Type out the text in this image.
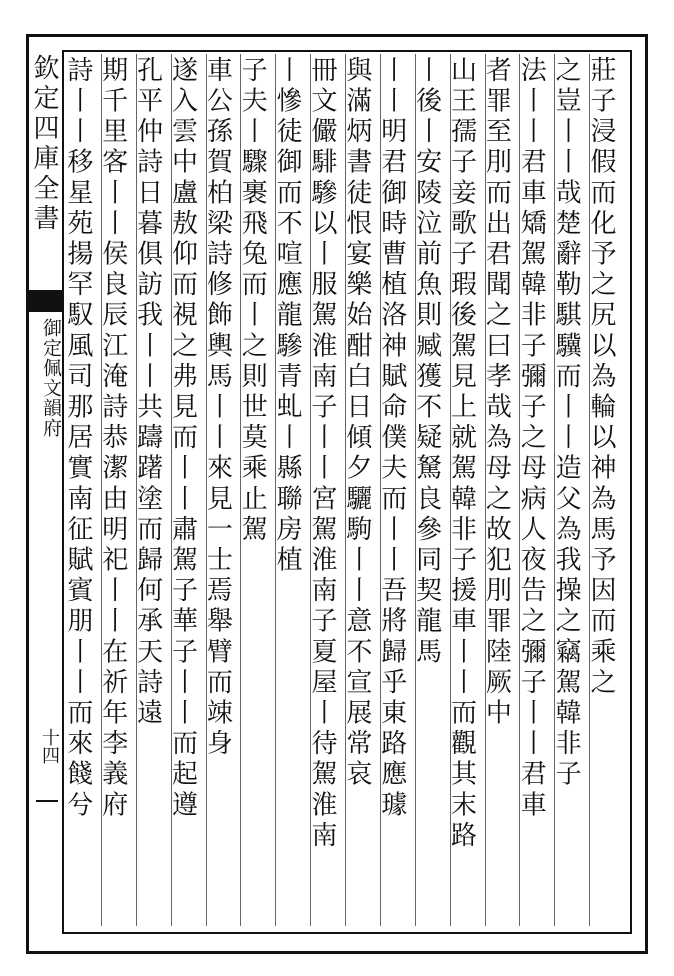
欽定四庫全書
御定佩文韻府
十四
莊子浸假而化予之尻以為輪以神為馬予因而乘之
之豈丨丨哉楚辭勒騏驥而丨丨造父為我操之竊駕韓非子
法丨丨君車矯駕韓非子彌子之母病人夜告之彌子丨丨君車
者罪至刖而出君聞之曰孝哉為母之故犯刖罪陸厥中
山王孺子妾歌子瑕後駕見上就駕韓非子援車丨丨而觀其末路
丨後丨安陵泣前魚則臧獲不疑駑良參同契龍馬
丨丨明君御時曹植洛神賦命僕夫而丨丨吾將歸乎東路應璩
與滿炳書徒恨宴樂始酣白日傾夕驪駒丨丨意不宣展常哀
冊文儼騑驂以丨服駕淮南子丨丨宮駕淮南子夏屋丨待駕淮南
丨慘徒御而不喧應龍驂青虬丨縣聯房植
子夫丨驟裹飛兔而丨之則世莫乘止駕
車公孫賀柏梁詩修飾輿馬丨丨來見一士焉舉臂而竦身
遂入雲中盧敖仰而視之弗見而丨丨肅駕子華子丨丨而起遵
孔平仲詩日暮俱訪我丨丨共躊躇塗而歸何承天詩遠
期千里客丨丨侯良辰江淹詩恭潔由明祀丨丨在祈年李義府
詩丨丨移星苑揚罕馭風司那居實南征賦賓朋丨丨而來餞兮
